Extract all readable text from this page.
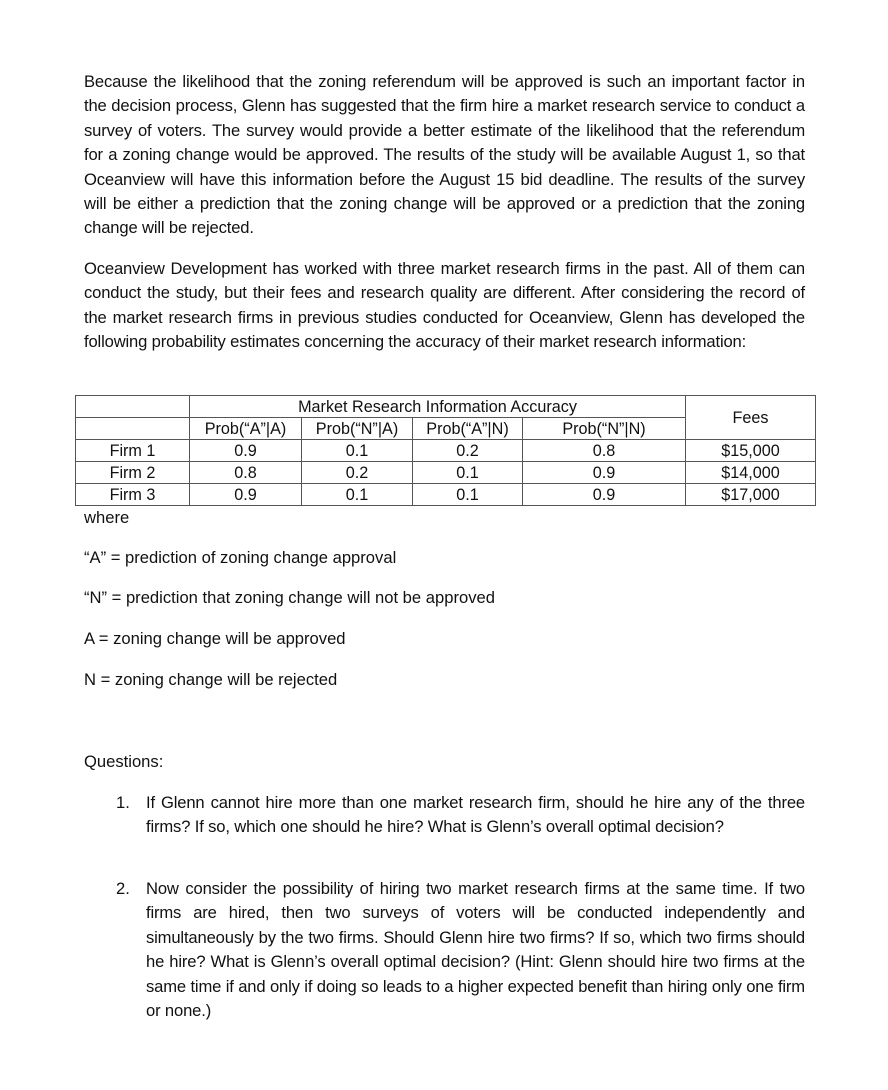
Because the likelihood that the zoning referendum will be approved is such an important factor in the decision process, Glenn has suggested that the firm hire a market research service to conduct a survey of voters. The survey would provide a better estimate of the likelihood that the referendum for a zoning change would be approved. The results of the study will be available August 1, so that Oceanview will have this information before the August 15 bid deadline. The results of the survey will be either a prediction that the zoning change will be approved or a prediction that the zoning change will be rejected.

Oceanview Development has worked with three market research firms in the past. All of them can conduct the study, but their fees and research quality are different. After considering the record of the market research firms in previous studies conducted for Oceanview, Glenn has developed the following probability estimates concerning the accuracy of their market research information:

	Market Research Information Accuracy				Fees
	Prob(“A”|A)	Prob(“N”|A)	Prob(“A”|N)	Prob(“N”|N)	
Firm 1	0.9	0.1	0.2	0.8	$15,000
Firm 2	0.8	0.2	0.1	0.9	$14,000
Firm 3	0.9	0.1	0.1	0.9	$17,000
where
“A” = prediction of zoning change approval
“N” = prediction that zoning change will not be approved
A = zoning change will be approved
N = zoning change will be rejected
Questions:
1. If Glenn cannot hire more than one market research firm, should he hire any of the three firms? If so, which one should he hire? What is Glenn’s overall optimal decision?
2. Now consider the possibility of hiring two market research firms at the same time. If two firms are hired, then two surveys of voters will be conducted independently and simultaneously by the two firms. Should Glenn hire two firms? If so, which two firms should he hire? What is Glenn’s overall optimal decision? (Hint: Glenn should hire two firms at the same time if and only if doing so leads to a higher expected benefit than hiring only one firm or none.)
